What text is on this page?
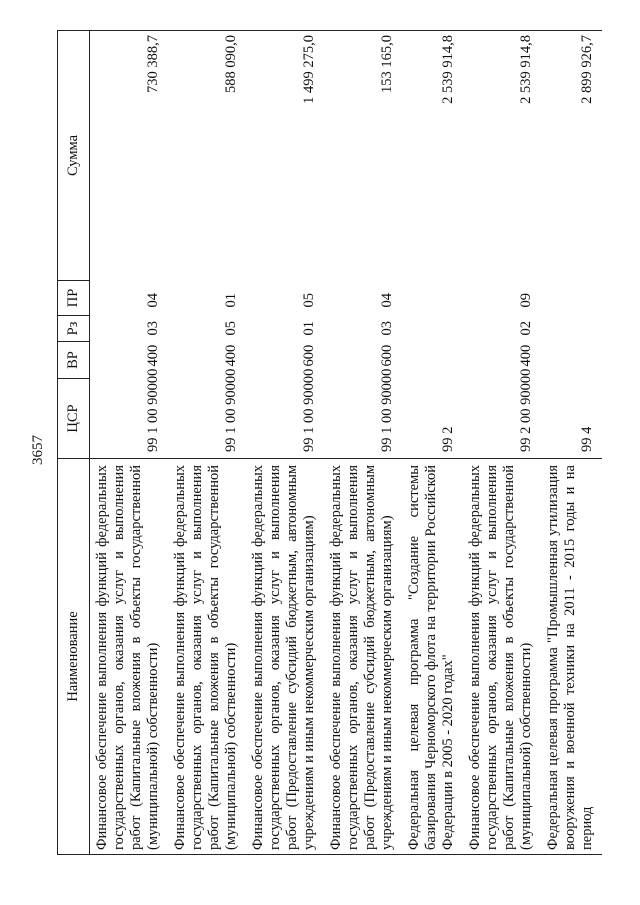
3657
Наименование	ЦСР	ВР	Рз	ПР	Сумма
Финансовое обеспечение выполнения функций федеральных государственных органов, оказания услуг и выполнения работ (Капитальные вложения в объекты государственной (муниципальной) собственности)	99 1 00 90000	400	03	04	730 388,7
Финансовое обеспечение выполнения функций федеральных государственных органов, оказания услуг и выполнения работ (Капитальные вложения в объекты государственной (муниципальной) собственности)	99 1 00 90000	400	05	01	588 090,0
Финансовое обеспечение выполнения функций федеральных государственных органов, оказания услуг и выполнения работ (Предоставление субсидий бюджетным, автономным учреждениям и иным некоммерческим организациям)	99 1 00 90000	600	01	05	1 499 275,0
Финансовое обеспечение выполнения функций федеральных государственных органов, оказания услуг и выполнения работ (Предоставление субсидий бюджетным, автономным учреждениям и иным некоммерческим организациям)	99 1 00 90000	600	03	04	153 165,0
Федеральная целевая программа "Создание системы базирования Черноморского флота на территории Российской Федерации в 2005 - 2020 годах"	99 2				2 539 914,8
Финансовое обеспечение выполнения функций федеральных государственных органов, оказания услуг и выполнения работ (Капитальные вложения в объекты государственной (муниципальной) собственности)	99 2 00 90000	400	02	09	2 539 914,8
Федеральная целевая программа "Промышленная утилизация вооружения и военной техники на 2011 - 2015 годы и на период	99 4				2 899 926,7
